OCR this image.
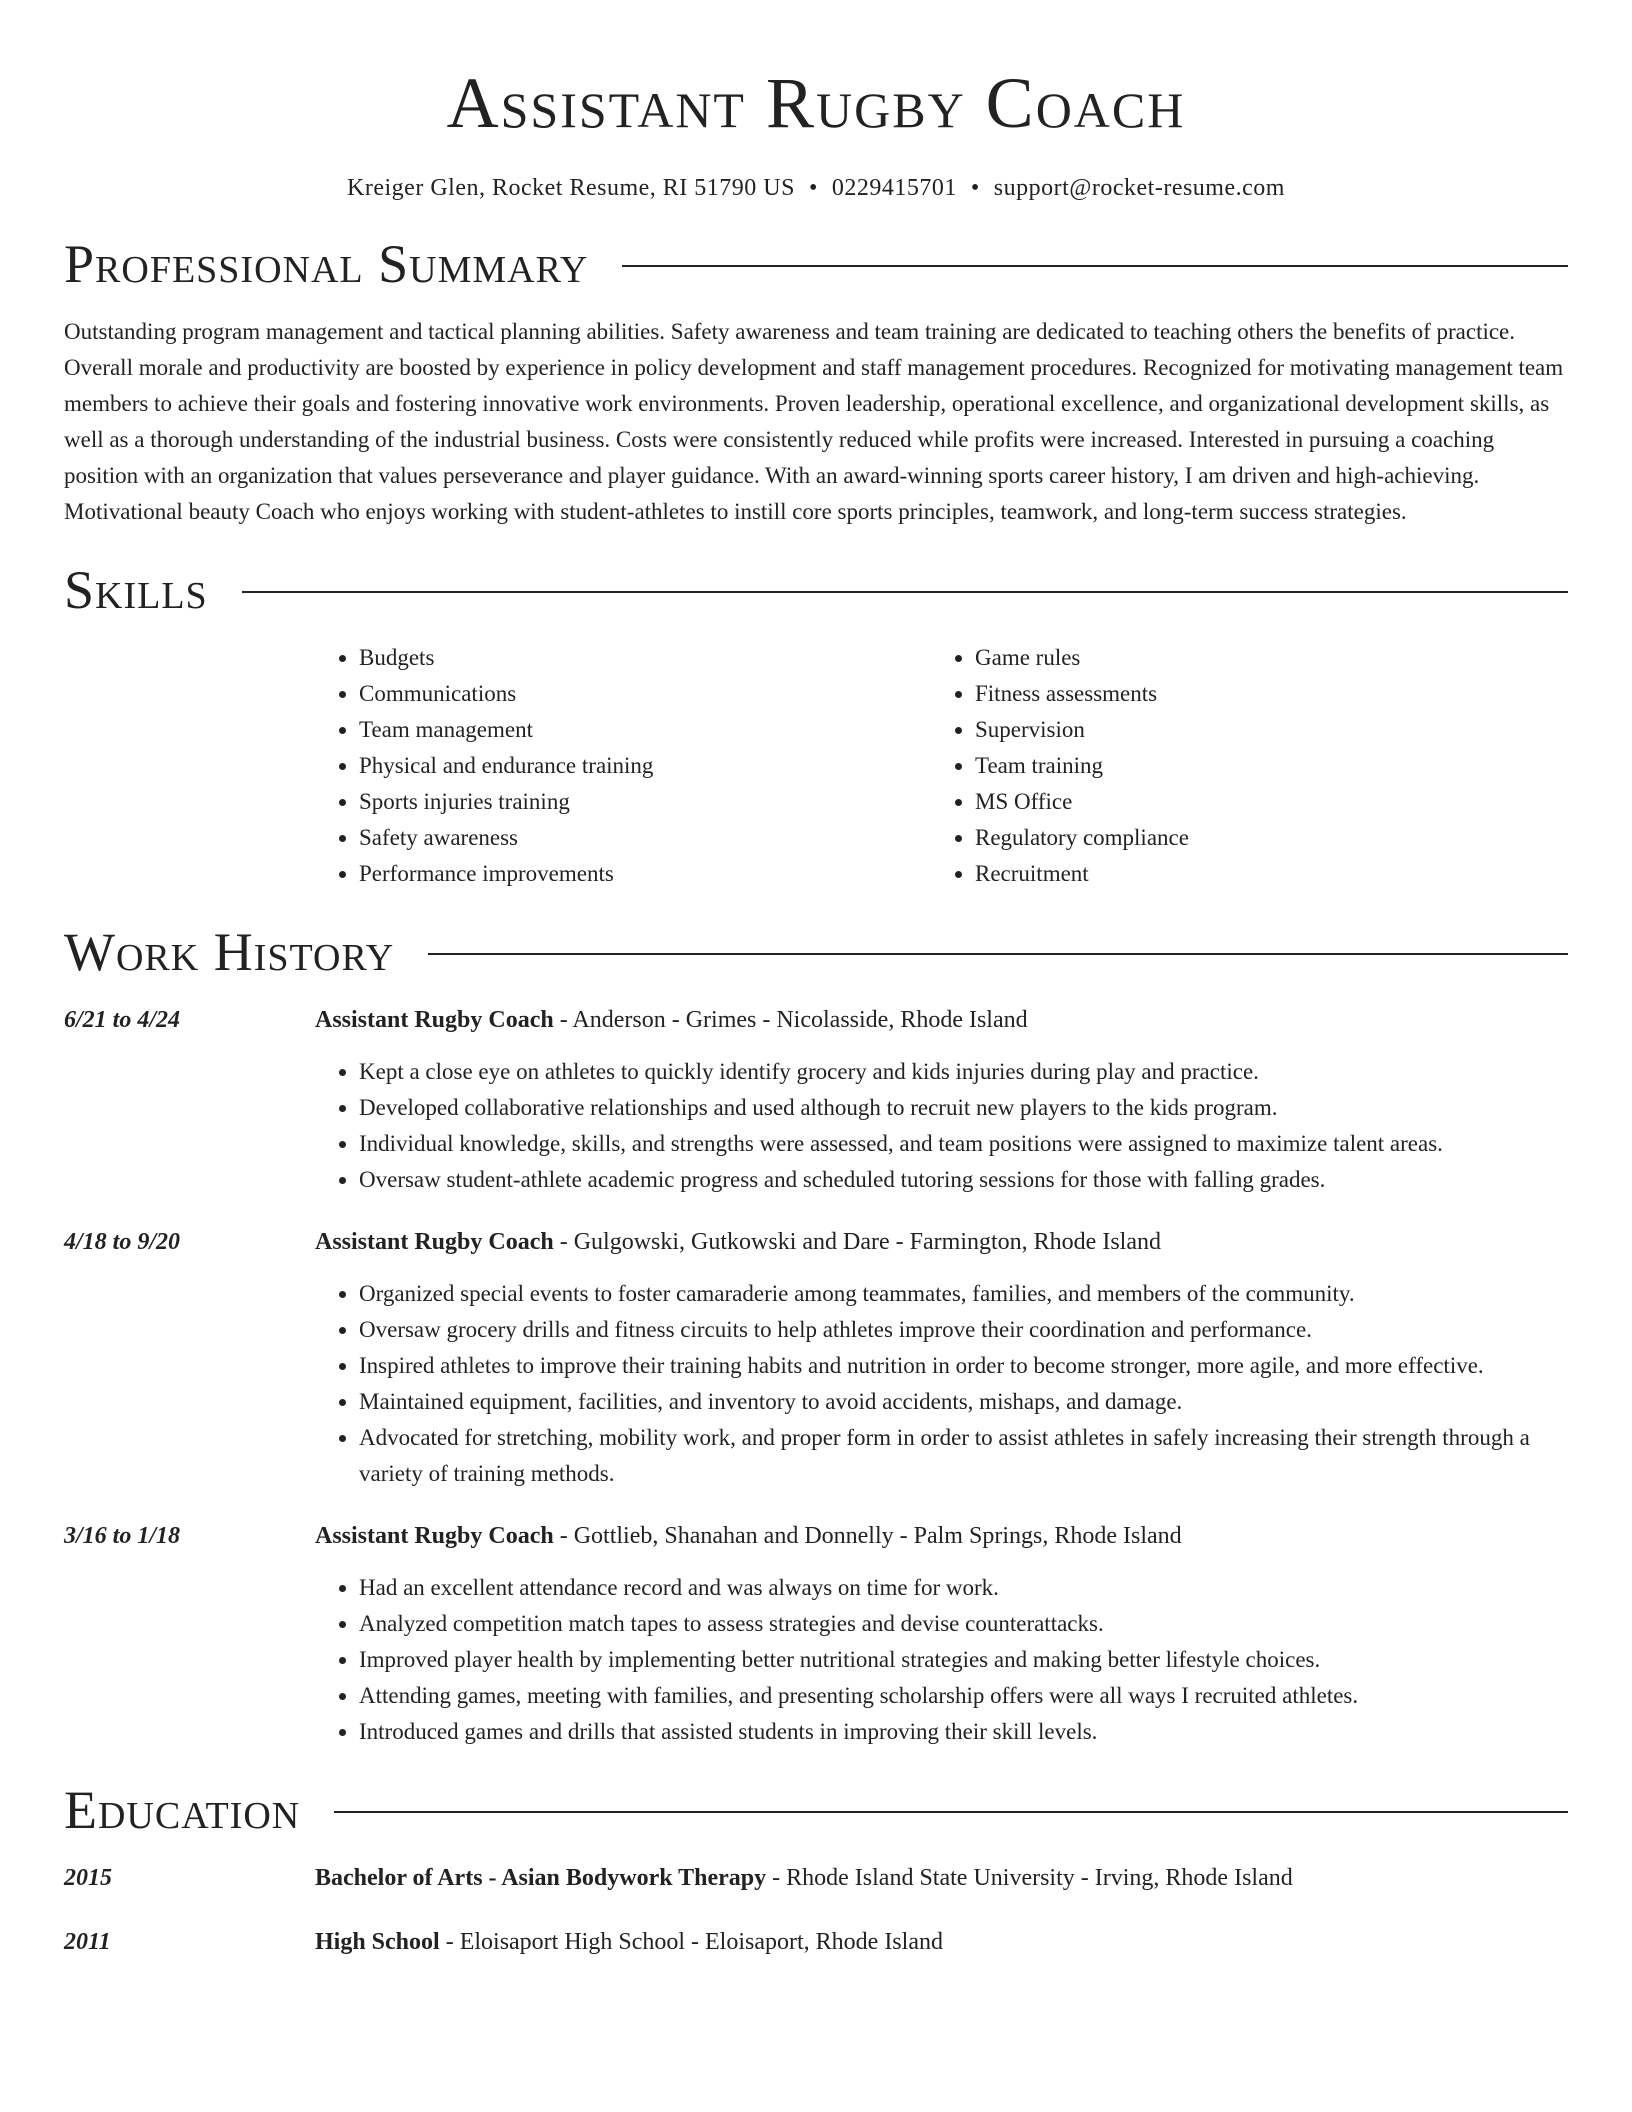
Assistant Rugby Coach
Kreiger Glen, Rocket Resume, RI 51790 US • 0229415701 • support@rocket-resume.com
Professional Summary

Outstanding program management and tactical planning abilities. Safety awareness and team training are dedicated to teaching others the benefits of practice. Overall morale and productivity are boosted by experience in policy development and staff management procedures. Recognized for motivating management team members to achieve their goals and fostering innovative work environments. Proven leadership, operational excellence, and organizational development skills, as well as a thorough understanding of the industrial business. Costs were consistently reduced while profits were increased. Interested in pursuing a coaching position with an organization that values perseverance and player guidance. With an award-winning sports career history, I am driven and high-achieving. Motivational beauty Coach who enjoys working with student-athletes to instill core sports principles, teamwork, and long-term success strategies.

Skills
• Budgets
• Communications
• Team management
• Physical and endurance training
• Sports injuries training
• Safety awareness
• Performance improvements
• Game rules
• Fitness assessments
• Supervision
• Team training
• MS Office
• Regulatory compliance
• Recruitment
Work History
6/21 to 4/24	Assistant Rugby Coach - Anderson - Grimes - Nicolasside, Rhode Island
• Kept a close eye on athletes to quickly identify grocery and kids injuries during play and practice.
• Developed collaborative relationships and used although to recruit new players to the kids program.
• Individual knowledge, skills, and strengths were assessed, and team positions were assigned to maximize talent areas.
• Oversaw student-athlete academic progress and scheduled tutoring sessions for those with falling grades.
4/18 to 9/20	Assistant Rugby Coach - Gulgowski, Gutkowski and Dare - Farmington, Rhode Island
• Organized special events to foster camaraderie among teammates, families, and members of the community.
• Oversaw grocery drills and fitness circuits to help athletes improve their coordination and performance.
• Inspired athletes to improve their training habits and nutrition in order to become stronger, more agile, and more effective.
• Maintained equipment, facilities, and inventory to avoid accidents, mishaps, and damage.
• Advocated for stretching, mobility work, and proper form in order to assist athletes in safely increasing their strength through a variety of training methods.
3/16 to 1/18	Assistant Rugby Coach - Gottlieb, Shanahan and Donnelly - Palm Springs, Rhode Island
• Had an excellent attendance record and was always on time for work.
• Analyzed competition match tapes to assess strategies and devise counterattacks.
• Improved player health by implementing better nutritional strategies and making better lifestyle choices.
• Attending games, meeting with families, and presenting scholarship offers were all ways I recruited athletes.
• Introduced games and drills that assisted students in improving their skill levels.
Education
2015	Bachelor of Arts - Asian Bodywork Therapy - Rhode Island State University - Irving, Rhode Island
2011	High School - Eloisaport High School - Eloisaport, Rhode Island
